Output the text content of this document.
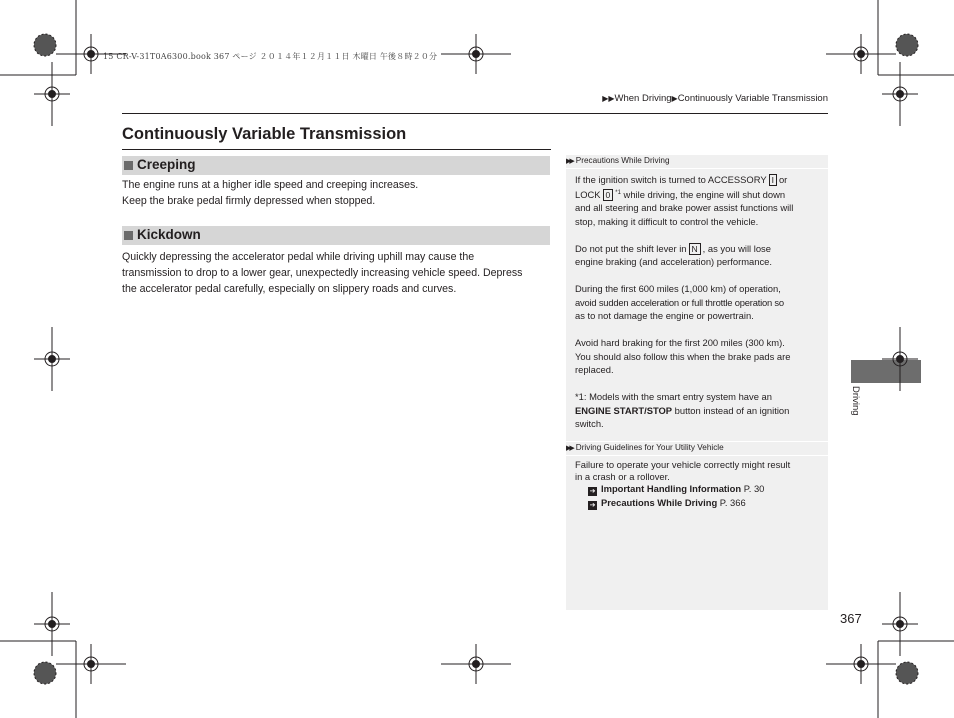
15 CR-V-31T0A6300.book 367 ページ ２０１４年１２月１１日 木曜日 午後８時２０分
▶▶When Driving▶Continuously Variable Transmission
Continuously Variable Transmission
Creeping
The engine runs at a higher idle speed and creeping increases.
Keep the brake pedal firmly depressed when stopped.
Kickdown
Quickly depressing the accelerator pedal while driving uphill may cause the
transmission to drop to a lower gear, unexpectedly increasing vehicle speed. Depress
the accelerator pedal carefully, especially on slippery roads and curves.
▶▶ Precautions While Driving
If the ignition switch is turned to ACCESSORY I or
LOCK 0 $^{*1}$ while driving, the engine will shut down
and all steering and brake power assist functions will
stop, making it difficult to control the vehicle.
Do not put the shift lever in N , as you will lose
engine braking (and acceleration) performance.
During the first 600 miles (1,000 km) of operation,
avoid sudden acceleration or full throttle operation so
as to not damage the engine or powertrain.
Avoid hard braking for the first 200 miles (300 km).
You should also follow this when the brake pads are
replaced.
*1: Models with the smart entry system have an
ENGINE START/STOP button instead of an ignition
switch.
▶▶ Driving Guidelines for Your Utility Vehicle
Failure to operate your vehicle correctly might result
in a crash or a rollover.
➔ Important Handling Information P. 30
➔ Precautions While Driving P. 366
Driving
367
